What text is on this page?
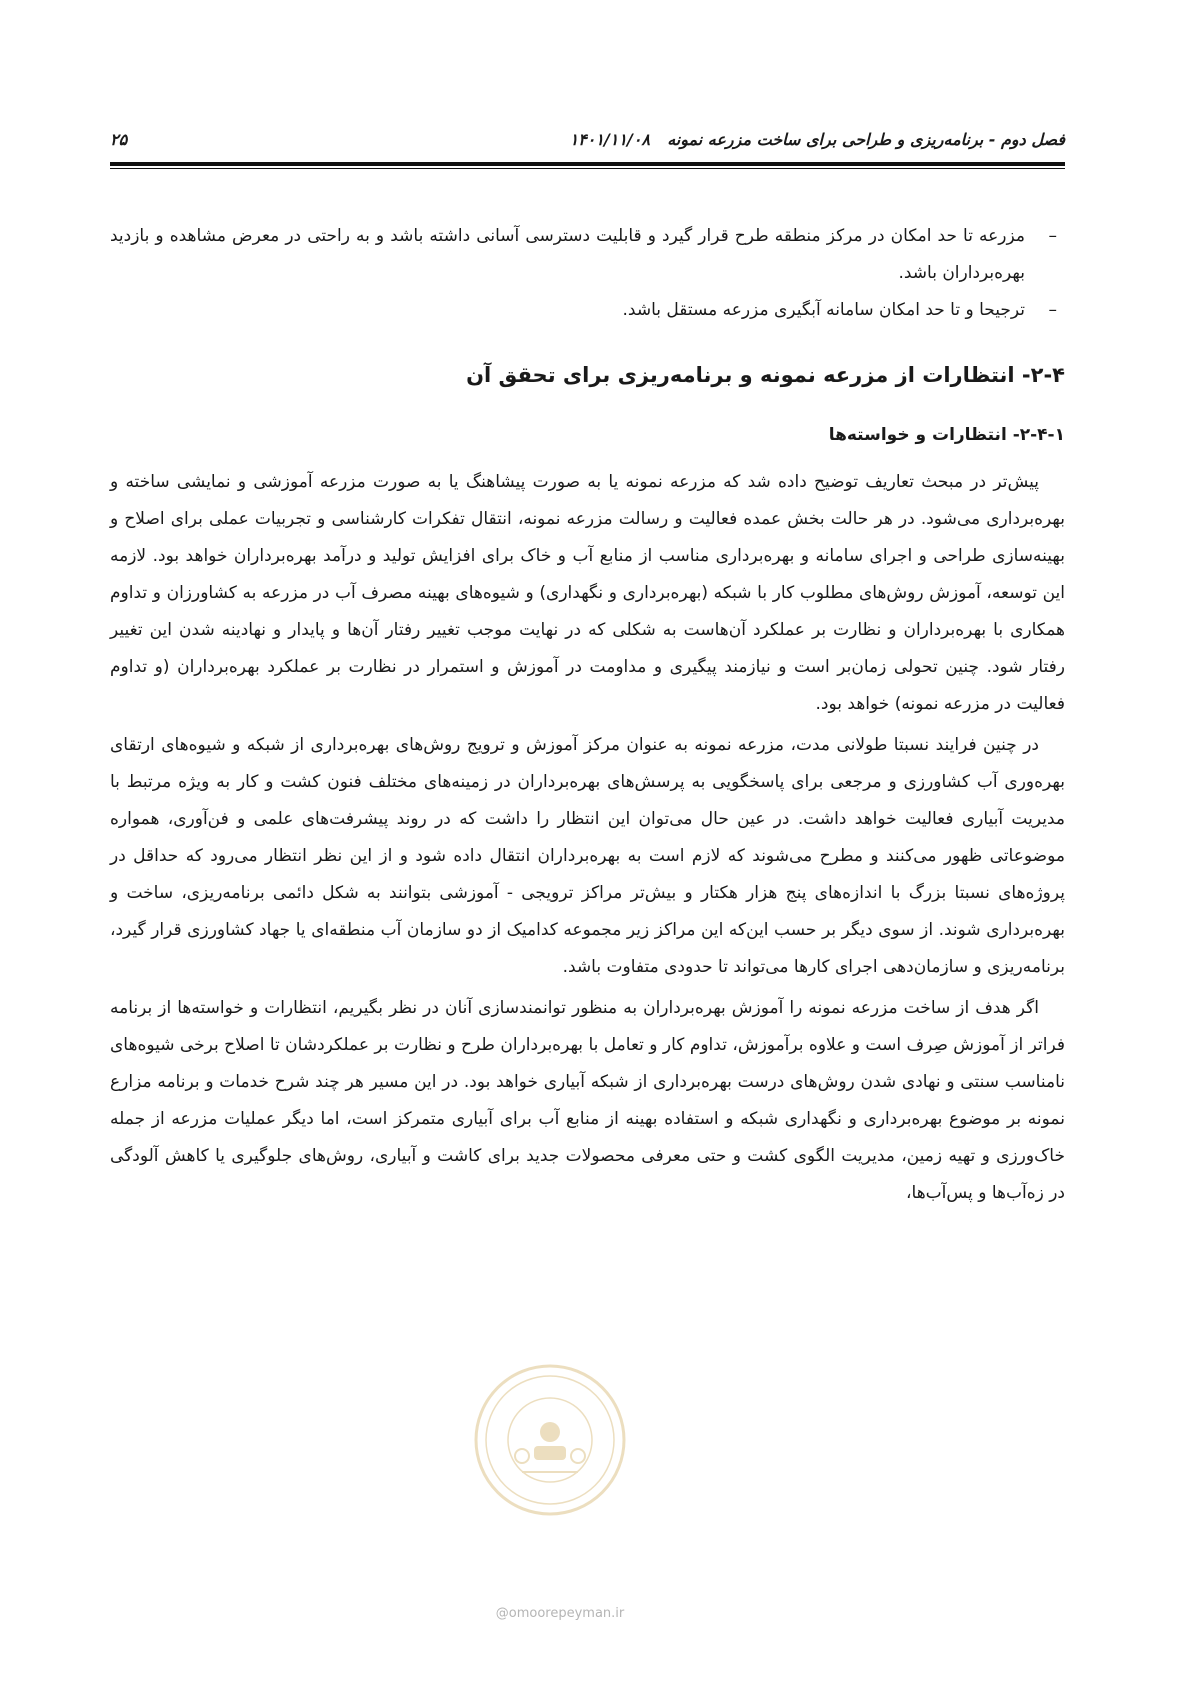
فصل دوم - برنامه‌ریزی و طراحی برای ساخت مزرعه نمونه
۱۴۰۱/۱۱/۰۸
۲۵

–
مزرعه تا حد امکان در مرکز منطقه طرح قرار گیرد و قابلیت دسترسی آسانی داشته باشد و به راحتی در معرض مشاهده و بازدید بهره‌برداران باشد.

–
ترجیحا و تا حد امکان سامانه آبگیری مزرعه مستقل باشد.

۲-۴- انتظارات از مزرعه نمونه و برنامه‌ریزی برای تحقق آن
۲-۴-۱- انتظارات و خواسته‌ها

پیش‌تر در مبحث تعاریف توضیح داده شد که مزرعه نمونه یا به صورت پیشاهنگ یا به صورت مزرعه آموزشی و نمایشی ساخته و بهره‌برداری می‌شود. در هر حالت بخش عمده فعالیت و رسالت مزرعه نمونه، انتقال تفکرات کارشناسی و تجربیات عملی برای اصلاح و بهینه‌سازی طراحی و اجرای سامانه و بهره‌برداری مناسب از منابع آب و خاک برای افزایش تولید و درآمد بهره‌برداران خواهد بود. لازمه این توسعه، آموزش روش‌های مطلوب کار با شبکه (بهره‌برداری و نگهداری) و شیوه‌های بهینه مصرف آب در مزرعه به کشاورزان و تداوم همکاری با بهره‌برداران و نظارت بر عملکرد آن‌هاست به شکلی که در نهایت موجب تغییر رفتار آن‌ها و پایدار و نهادینه شدن این تغییر رفتار شود. چنین تحولی زمان‌بر است و نیازمند پیگیری و مداومت در آموزش و استمرار در نظارت بر عملکرد بهره‌برداران (و تداوم فعالیت در مزرعه نمونه) خواهد بود.

در چنین فرایند نسبتا طولانی مدت، مزرعه نمونه به عنوان مرکز آموزش و ترویج روش‌های بهره‌برداری از شبکه و شیوه‌های ارتقای بهره‌وری آب کشاورزی و مرجعی برای پاسخگویی به پرسش‌های بهره‌برداران در زمینه‌های مختلف فنون کشت و کار به ویژه مرتبط با مدیریت آبیاری فعالیت خواهد داشت. در عین حال می‌توان این انتظار را داشت که در روند پیشرفت‌های علمی و فن‌آوری، همواره موضوعاتی ظهور می‌کنند و مطرح می‌شوند که لازم است به بهره‌برداران انتقال داده شود و از این نظر انتظار می‌رود که حداقل در پروژه‌های نسبتا بزرگ با اندازه‌های پنج هزار هکتار و بیش‌تر مراکز ترویجی - آموزشی بتوانند به شکل دائمی برنامه‌ریزی، ساخت و بهره‌برداری شوند. از سوی دیگر بر حسب این‌که این مراکز زیر مجموعه کدامیک از دو سازمان آب منطقه‌ای یا جهاد کشاورزی قرار گیرد، برنامه‌ریزی و سازمان‌دهی اجرای کارها می‌تواند تا حدودی متفاوت باشد.

اگر هدف از ساخت مزرعه نمونه را آموزش بهره‌برداران به منظور توانمندسازی آنان در نظر بگیریم، انتظارات و خواسته‌ها از برنامه فراتر از آموزش صِرف است و علاوه برآموزش، تداوم کار و تعامل با بهره‌برداران طرح و نظارت بر عملکردشان تا اصلاح برخی شیوه‌های نامناسب سنتی و نهادی شدن روش‌های درست بهره‌برداری از شبکه آبیاری خواهد بود. در این مسیر هر چند شرح خدمات و برنامه مزارع نمونه بر موضوع بهره‌برداری و نگهداری شبکه و استفاده بهینه از منابع آب برای آبیاری متمرکز است، اما دیگر عملیات مزرعه از جمله خاک‌ورزی و تهیه زمین، مدیریت الگوی کشت و حتی معرفی محصولات جدید برای کاشت و آبیاری، روش‌های جلوگیری یا کاهش آلودگی در زه‌آب‌ها و پس‌آب‌ها،

@omoorepeyman.ir
